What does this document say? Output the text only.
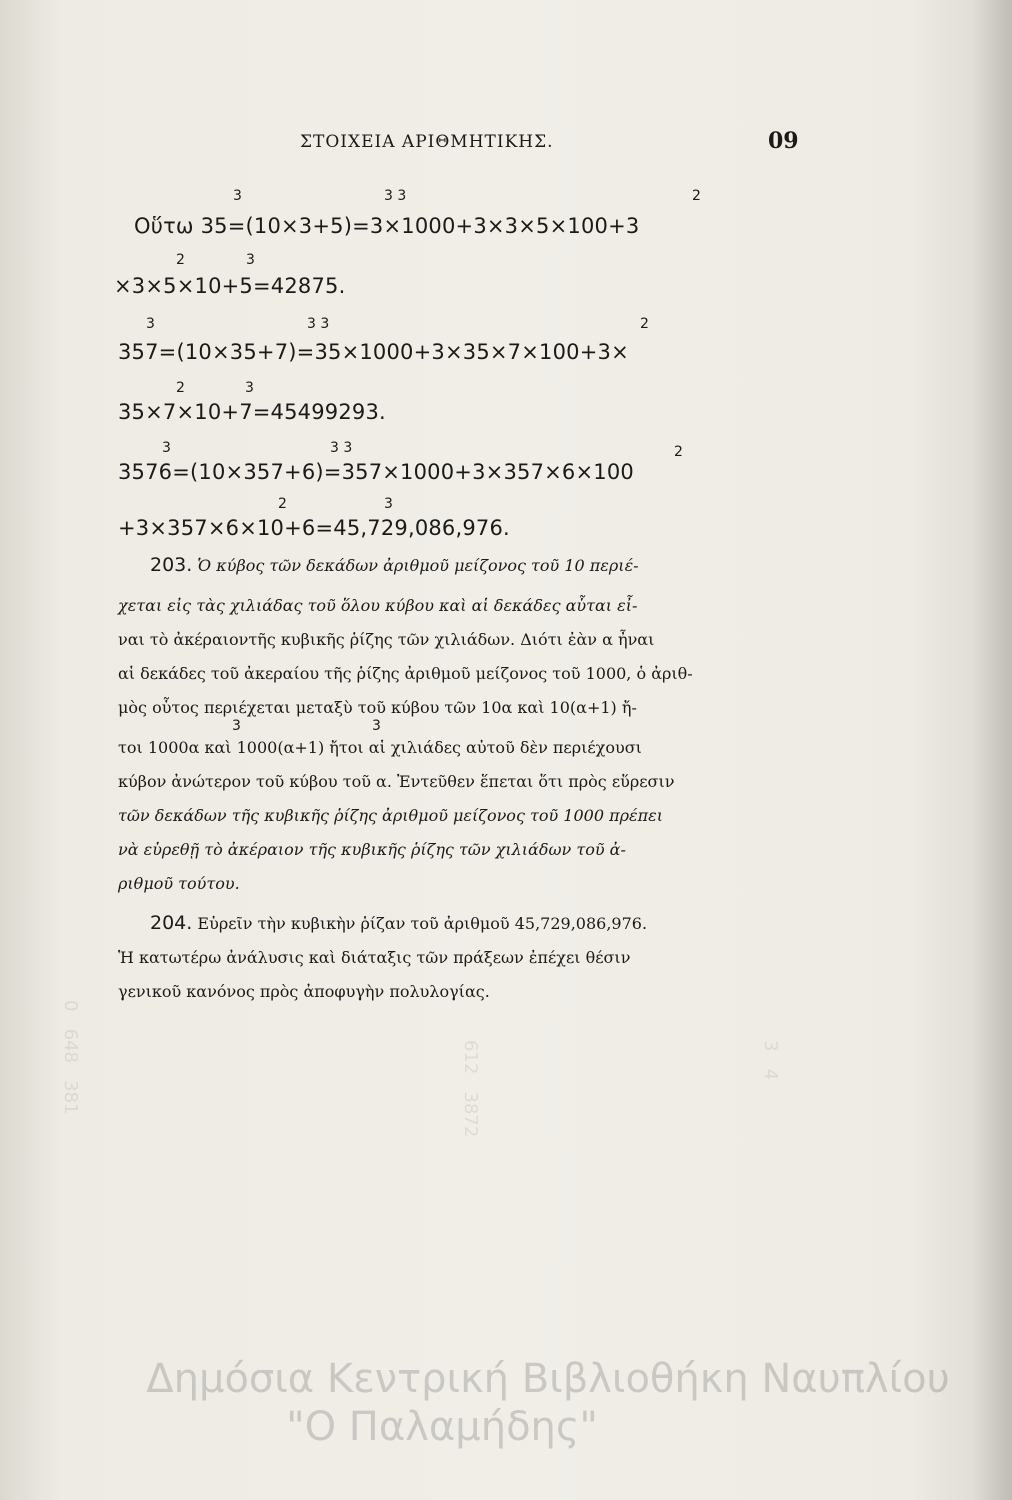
0   648   381	612   3872	3   4
ΣΤΟΙΧΕΙΑ ΑΡΙΘΜΗΤΙΚΗΣ.	09
3	3 3	2
Οὕτω 35=(10×3+5)=3×1000+3×3×5×100+3
2	3
×3×5×10+5=42875.
3	3 3	2
357=(10×35+7)=35×1000+3×35×7×100+3×
2	3
35×7×10+7=45499293.
3	3 3	2
3576=(10×357+6)=357×1000+3×357×6×100
2	3
+3×357×6×10+6=45,729,086,976.
203. Ὁ κύβος τῶν δεκάδων ἀριθμοῦ μείζονος τοῦ 10 περιέ-
χεται εἰς τὰς χιλιάδας τοῦ ὅλου κύβου καὶ αἱ δεκάδες αὗται εἶ-
ναι τὸ ἀκέραιοντῆς κυβικῆς ῥίζης τῶν χιλιάδων. Διότι ἐὰν α ἦναι
αἱ δεκάδες τοῦ ἀκεραίου τῆς ῥίζης ἀριθμοῦ μείζονος τοῦ 1000, ὁ ἀριθ-
μὸς οὗτος περιέχεται μεταξὺ τοῦ κύβου τῶν 10α καὶ 10(α+1) ἤ-
3	3
τοι 1000α καὶ 1000(α+1) ἤτοι αἱ χιλιάδες αὐτοῦ δὲν περιέχουσι
κύβον ἀνώτερον τοῦ κύβου τοῦ α. Ἐντεῦθεν ἕπεται ὅτι πρὸς εὕρεσιν
τῶν δεκάδων τῆς κυβικῆς ῥίζης ἀριθμοῦ μείζονος τοῦ 1000 πρέπει
νὰ εὑρεθῇ τὸ ἀκέραιον τῆς κυβικῆς ῥίζης τῶν χιλιάδων τοῦ ἀ-
ριθμοῦ τούτου.
204. Εὑρεῖν τὴν κυβικὴν ῥίζαν τοῦ ἀριθμοῦ 45,729,086,976.
Ἡ κατωτέρω ἀνάλυσις καὶ διάταξις τῶν πράξεων ἐπέχει θέσιν
γενικοῦ κανόνος πρὸς ἀποφυγὴν πολυλογίας.
Δημόσια Κεντρική Βιβλιοθήκη Ναυπλίου
"Ο Παλαμήδης"
